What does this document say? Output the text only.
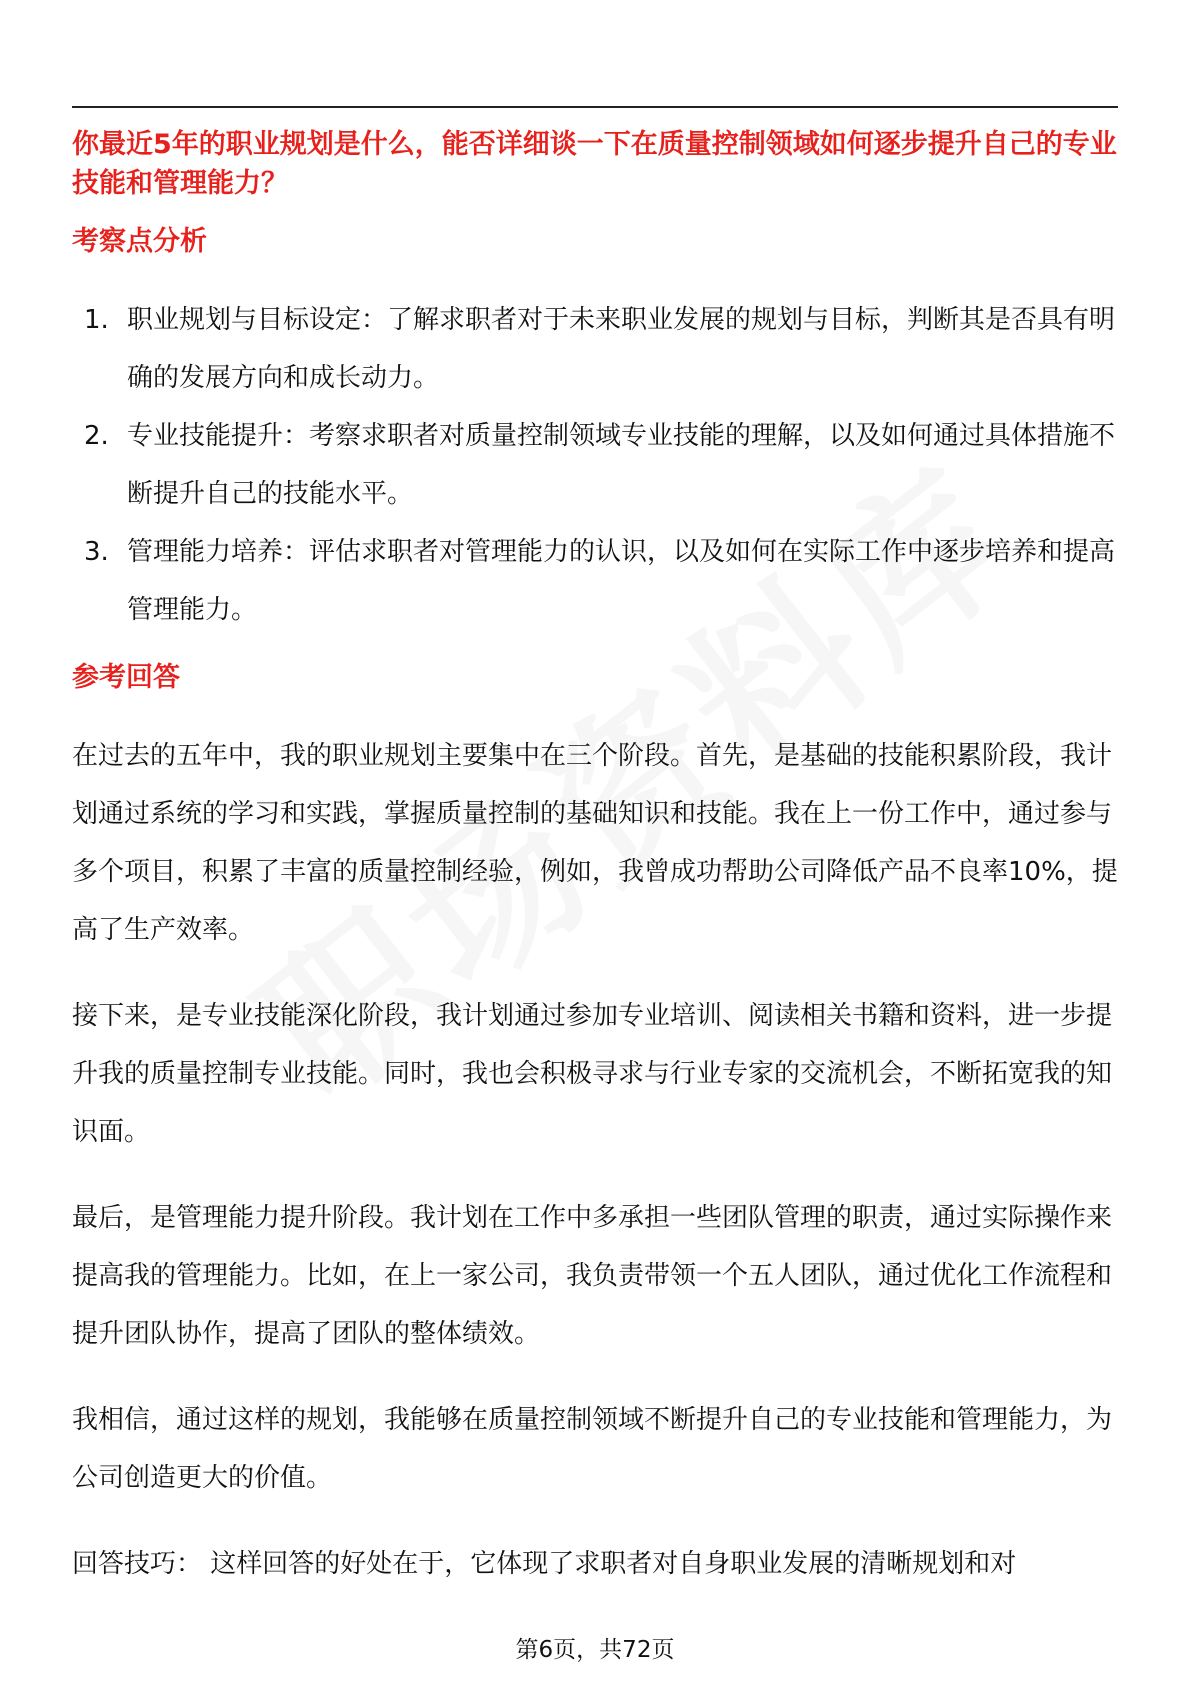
你最近5年的职业规划是什么，能否详细谈一下在质量控制领域如何逐步提升自己的专业技能和管理能力？
考察点分析
1. 职业规划与目标设定：了解求职者对于未来职业发展的规划与目标，判断其是否具有明确的发展方向和成长动力。
2. 专业技能提升：考察求职者对质量控制领域专业技能的理解，以及如何通过具体措施不断提升自己的技能水平。
3. 管理能力培养：评估求职者对管理能力的认识，以及如何在实际工作中逐步培养和提高管理能力。
参考回答

在过去的五年中，我的职业规划主要集中在三个阶段。首先，是基础的技能积累阶段，我计划通过系统的学习和实践，掌握质量控制的基础知识和技能。我在上一份工作中，通过参与多个项目，积累了丰富的质量控制经验，例如，我曾成功帮助公司降低产品不良率10%，提高了生产效率。

接下来，是专业技能深化阶段，我计划通过参加专业培训、阅读相关书籍和资料，进一步提升我的质量控制专业技能。同时，我也会积极寻求与行业专家的交流机会，不断拓宽我的知识面。

最后，是管理能力提升阶段。我计划在工作中多承担一些团队管理的职责，通过实际操作来提高我的管理能力。比如，在上一家公司，我负责带领一个五人团队，通过优化工作流程和提升团队协作，提高了团队的整体绩效。

我相信，通过这样的规划，我能够在质量控制领域不断提升自己的专业技能和管理能力，为公司创造更大的价值。

回答技巧： 这样回答的好处在于，它体现了求职者对自身职业发展的清晰规划和对

第6页，共72页
